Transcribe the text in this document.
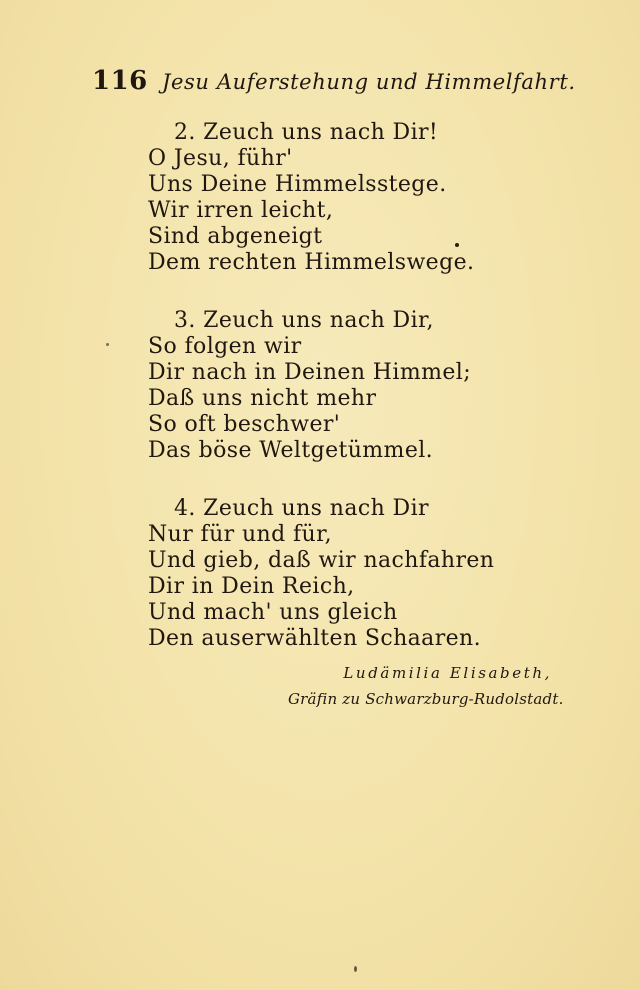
116 Jesu Auferstehung und Himmelfahrt.
2. Zeuch uns nach Dir!
O Jesu, führ'
Uns Deine Himmelsstege.
Wir irren leicht,
Sind abgeneigt
Dem rechten Himmelswege.
3. Zeuch uns nach Dir,
So folgen wir
Dir nach in Deinen Himmel;
Daß uns nicht mehr
So oft beschwer'
Das böse Weltgetümmel.
4. Zeuch uns nach Dir
Nur für und für,
Und gieb, daß wir nachfahren
Dir in Dein Reich,
Und mach' uns gleich
Den auserwählten Schaaren.
Ludämilia Elisabeth,
Gräfin zu Schwarzburg-Rudolstadt.
